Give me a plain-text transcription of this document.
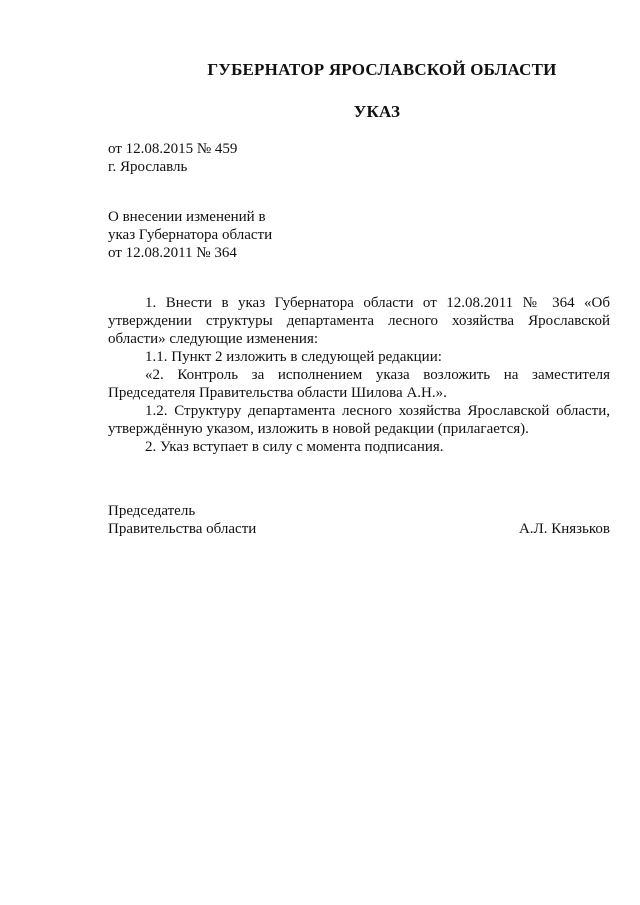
ГУБЕРНАТОР ЯРОСЛАВСКОЙ ОБЛАСТИ
УКАЗ
от 12.08.2015 № 459
г. Ярославль
О внесении изменений в
указ Губернатора области
от 12.08.2011 № 364

1. Внести в указ Губернатора области от 12.08.2011 № 364 «Об утверждении структуры департамента лесного хозяйства Ярославской области» следующие изменения:

1.1. Пункт 2 изложить в следующей редакции:

«2. Контроль за исполнением указа возложить на заместителя Председателя Правительства области Шилова А.Н.».

1.2. Структуру департамента лесного хозяйства Ярославской области, утверждённую указом, изложить в новой редакции (прилагается).

2. Указ вступает в силу с момента подписания.

Председатель
Правительства области	А.Л. Князьков
